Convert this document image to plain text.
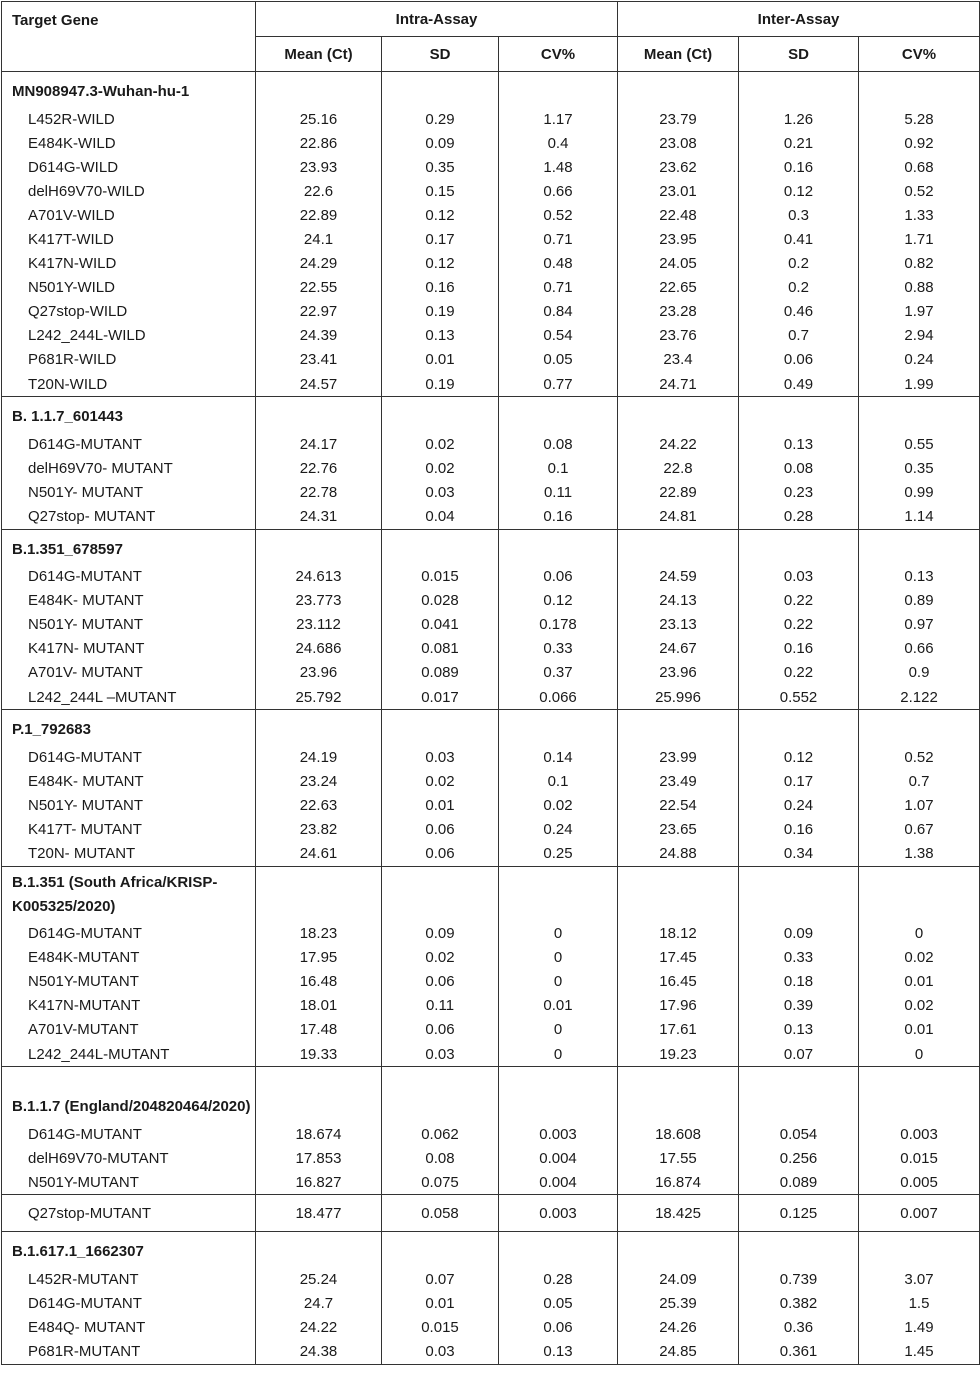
Target Gene	Intra-Assay			Inter-Assay		
	Mean (Ct)	SD	CV%	Mean (Ct)	SD	CV%
MN908947.3-Wuhan-hu-1						
L452R-WILD	25.16	0.29	1.17	23.79	1.26	5.28
E484K-WILD	22.86	0.09	0.4	23.08	0.21	0.92
D614G-WILD	23.93	0.35	1.48	23.62	0.16	0.68
delH69V70-WILD	22.6	0.15	0.66	23.01	0.12	0.52
A701V-WILD	22.89	0.12	0.52	22.48	0.3	1.33
K417T-WILD	24.1	0.17	0.71	23.95	0.41	1.71
K417N-WILD	24.29	0.12	0.48	24.05	0.2	0.82
N501Y-WILD	22.55	0.16	0.71	22.65	0.2	0.88
Q27stop-WILD	22.97	0.19	0.84	23.28	0.46	1.97
L242_244L-WILD	24.39	0.13	0.54	23.76	0.7	2.94
P681R-WILD	23.41	0.01	0.05	23.4	0.06	0.24
T20N-WILD	24.57	0.19	0.77	24.71	0.49	1.99
B. 1.1.7_601443						
D614G-MUTANT	24.17	0.02	0.08	24.22	0.13	0.55
delH69V70- MUTANT	22.76	0.02	0.1	22.8	0.08	0.35
N501Y- MUTANT	22.78	0.03	0.11	22.89	0.23	0.99
Q27stop- MUTANT	24.31	0.04	0.16	24.81	0.28	1.14
B.1.351_678597						
D614G-MUTANT	24.613	0.015	0.06	24.59	0.03	0.13
E484K- MUTANT	23.773	0.028	0.12	24.13	0.22	0.89
N501Y- MUTANT	23.112	0.041	0.178	23.13	0.22	0.97
K417N- MUTANT	24.686	0.081	0.33	24.67	0.16	0.66
A701V- MUTANT	23.96	0.089	0.37	23.96	0.22	0.9
L242_244L –MUTANT	25.792	0.017	0.066	25.996	0.552	2.122
P.1_792683						
D614G-MUTANT	24.19	0.03	0.14	23.99	0.12	0.52
E484K- MUTANT	23.24	0.02	0.1	23.49	0.17	0.7
N501Y- MUTANT	22.63	0.01	0.02	22.54	0.24	1.07
K417T- MUTANT	23.82	0.06	0.24	23.65	0.16	0.67
T20N- MUTANT	24.61	0.06	0.25	24.88	0.34	1.38
B.1.351 (South Africa/KRISP-K005325/2020)						
D614G-MUTANT	18.23	0.09	0	18.12	0.09	0
E484K-MUTANT	17.95	0.02	0	17.45	0.33	0.02
N501Y-MUTANT	16.48	0.06	0	16.45	0.18	0.01
K417N-MUTANT	18.01	0.11	0.01	17.96	0.39	0.02
A701V-MUTANT	17.48	0.06	0	17.61	0.13	0.01
L242_244L-MUTANT	19.33	0.03	0	19.23	0.07	0
B.1.1.7 (England/204820464/2020)						
D614G-MUTANT	18.674	0.062	0.003	18.608	0.054	0.003
delH69V70-MUTANT	17.853	0.08	0.004	17.55	0.256	0.015
N501Y-MUTANT	16.827	0.075	0.004	16.874	0.089	0.005
Q27stop-MUTANT	18.477	0.058	0.003	18.425	0.125	0.007
B.1.617.1_1662307						
L452R-MUTANT	25.24	0.07	0.28	24.09	0.739	3.07
D614G-MUTANT	24.7	0.01	0.05	25.39	0.382	1.5
E484Q- MUTANT	24.22	0.015	0.06	24.26	0.36	1.49
P681R-MUTANT	24.38	0.03	0.13	24.85	0.361	1.45
